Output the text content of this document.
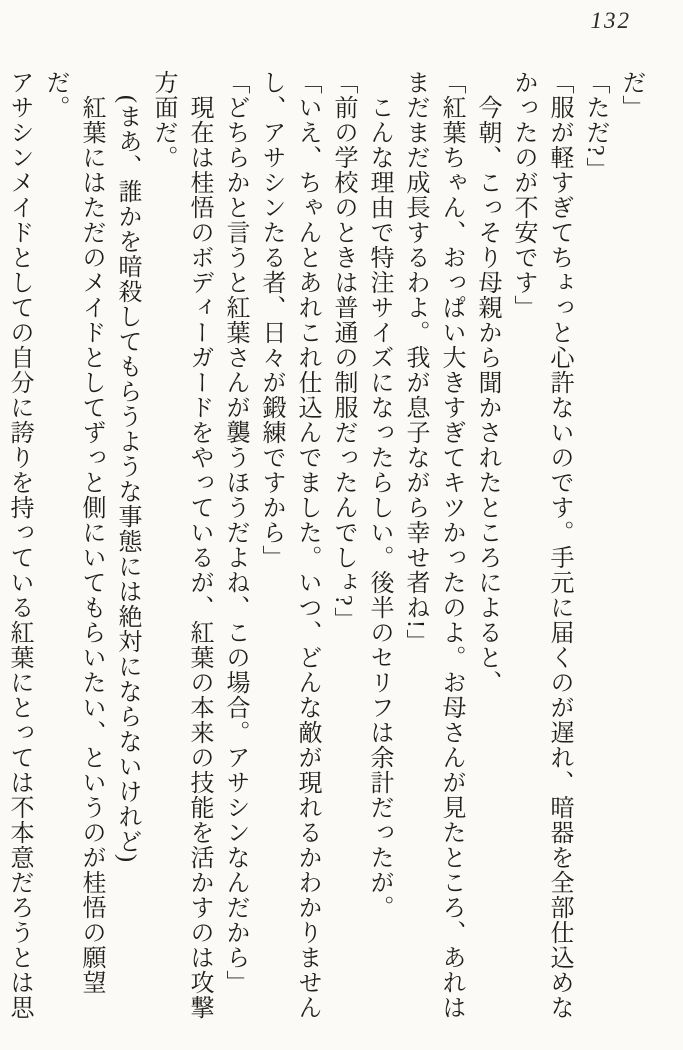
132
だ」
「ただ?」
「服が軽すぎてちょっと心許ないのです。手元に届くのが遅れ、暗器を全部仕込めな
かったのが不安です」
今朝、こっそり母親から聞かされたところによると、
「紅葉ちゃん、おっぱい大きすぎてキツかったのよ。お母さんが見たところ、あれは
まだまだ成長するわよ。我が息子ながら幸せ者ね!」
こんな理由で特注サイズになったらしい。後半のセリフは余計だったが。
「前の学校のときは普通の制服だったんでしょ?」
「いえ、ちゃんとあれこれ仕込んでました。いつ、どんな敵が現れるかわかりません
し、アサシンたる者、日々が鍛練ですから」
「どちらかと言うと紅葉さんが襲うほうだよね、この場合。アサシンなんだから」
現在は桂悟のボディーガードをやっているが、紅葉の本来の技能を活かすのは攻撃
方面だ。
(まあ、誰かを暗殺してもらうような事態には絶対にならないけれど)
紅葉にはただのメイドとしてずっと側にいてもらいたい、というのが桂悟の願望だ。
アサシンメイドとしての自分に誇りを持っている紅葉にとっては不本意だろうとは思
